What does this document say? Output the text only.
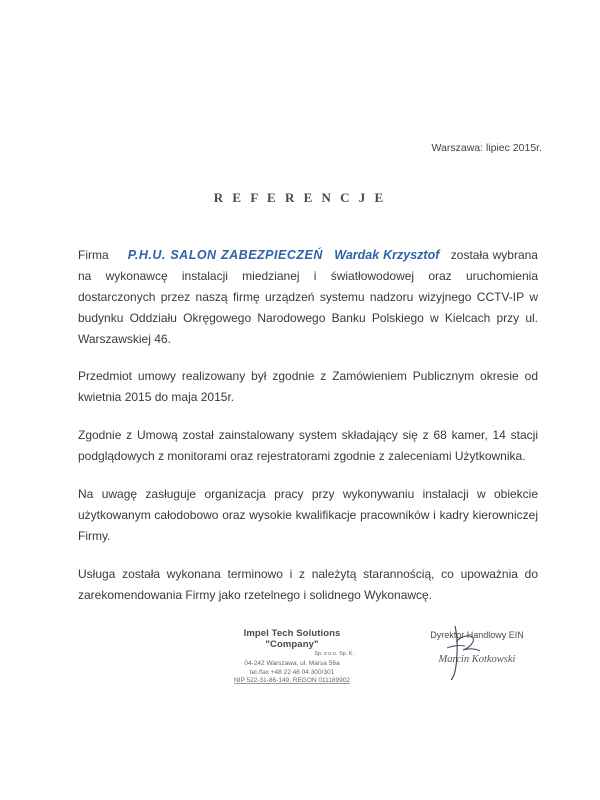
Warszawa: lipiec 2015r.
R E F E R E N C J E

Firma P.H.U. SALON ZABEZPIECZEŃ Wardak Krzysztof została wybrana na wykonawcę instalacji miedzianej i światłowodowej oraz uruchomienia dostarczonych przez naszą firmę urządzeń systemu nadzoru wizyjnego CCTV-IP w budynku Oddziału Okręgowego Narodowego Banku Polskiego w Kielcach przy ul. Warszawskiej 46.

Przedmiot umowy realizowany był zgodnie z Zamówieniem Publicznym okresie od kwietnia 2015 do maja 2015r.

Zgodnie z Umową został zainstalowany system składający się z 68 kamer, 14 stacji podglądowych z monitorami oraz rejestratorami zgodnie z zaleceniami Użytkownika.

Na uwagę zasługuje organizacja pracy przy wykonywaniu instalacji w obiekcie użytkowanym całodobowo oraz wysokie kwalifikacje pracowników i kadry kierowniczej Firmy.

Usługa została wykonana terminowo i z należytą starannością, co upoważnia do zarekomendowania Firmy jako rzetelnego i solidnego Wykonawcę.

Impel Tech Solutions "Company"
Sp. z o.o. Sp. K.
04-242 Warszawa, ul. Marsa 56a
tel./fax +48 22 46 04 300/301
NIP 522-31-86-149, REGON 011189902
Dyrektor Handlowy EIN
Marcin Kotkowski
